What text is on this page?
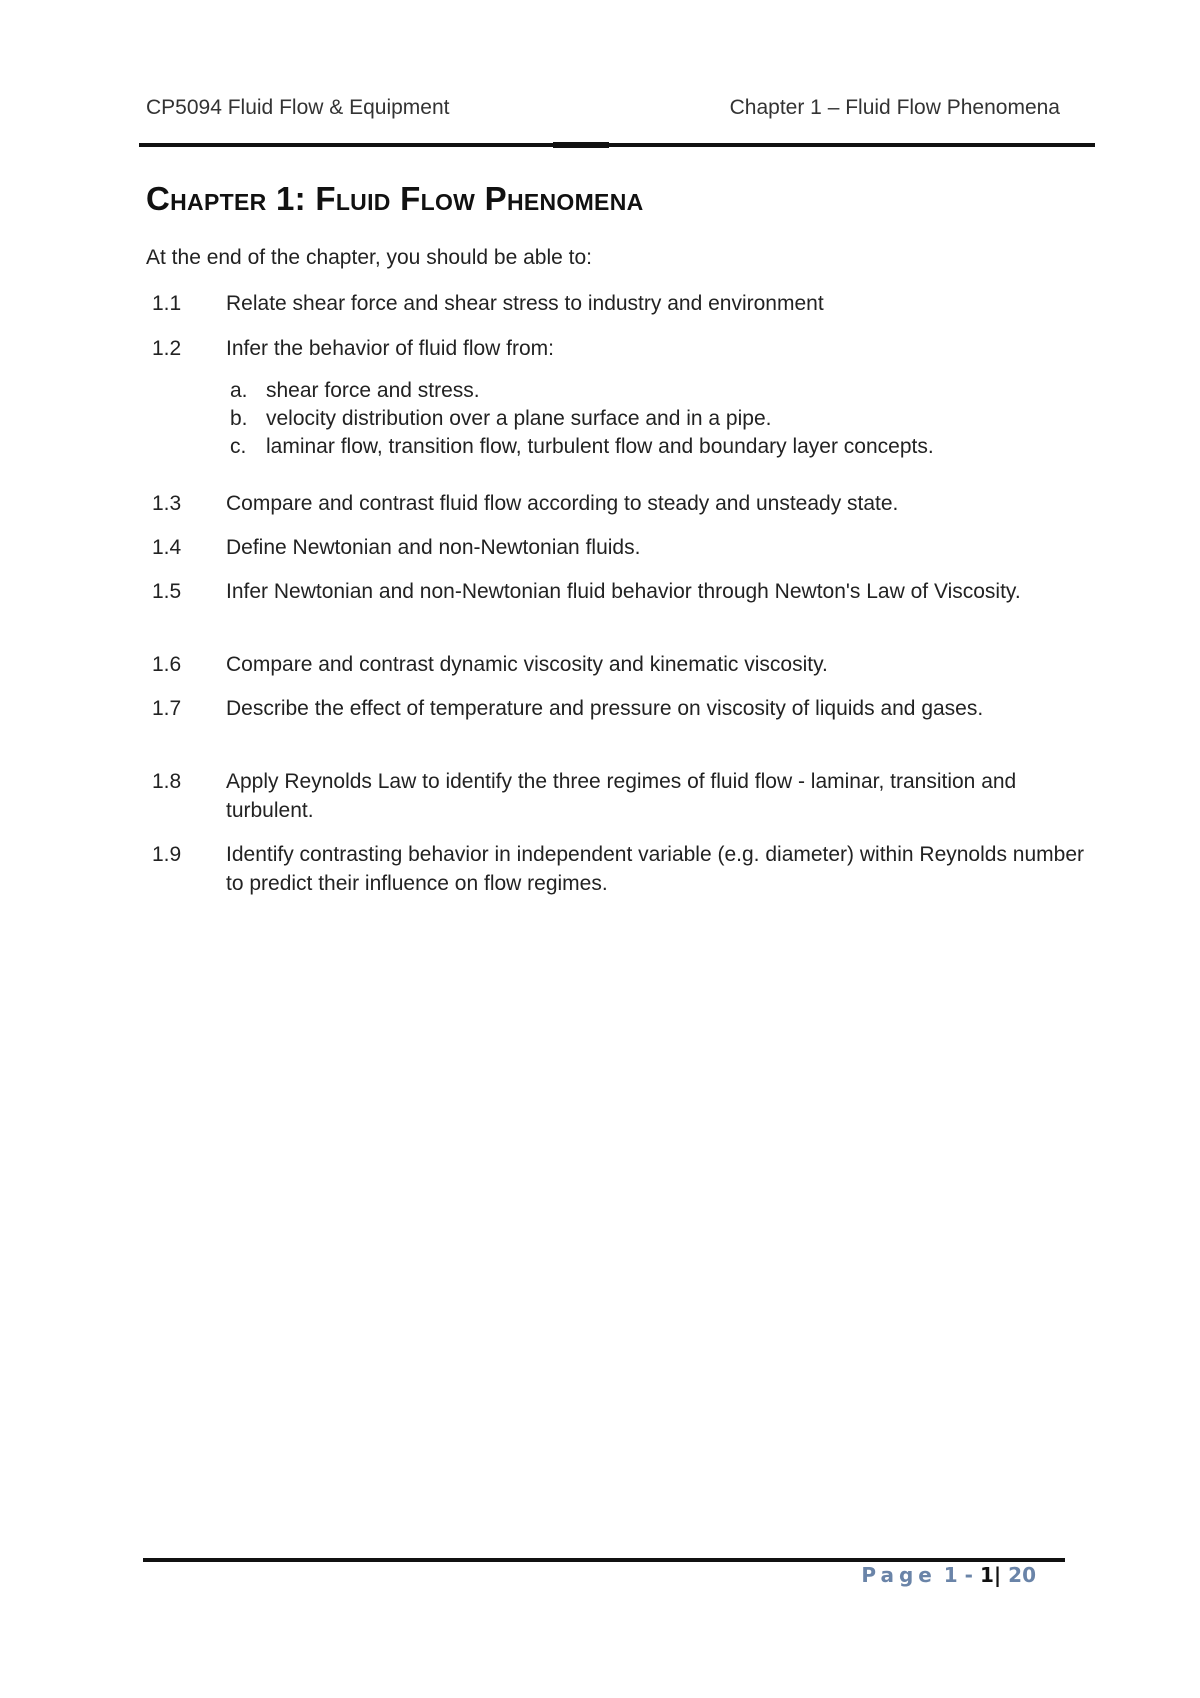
CP5094 Fluid Flow & Equipment	Chapter 1 – Fluid Flow Phenomena
Chapter 1: Fluid Flow Phenomena
At the end of the chapter, you should be able to:
1.1 Relate shear force and shear stress to industry and environment
1.2 Infer the behavior of fluid flow from:
a. shear force and stress.
b. velocity distribution over a plane surface and in a pipe.
c. laminar flow, transition flow, turbulent flow and boundary layer concepts.
1.3 Compare and contrast fluid flow according to steady and unsteady state.
1.4 Define Newtonian and non-Newtonian fluids.
1.5 Infer Newtonian and non-Newtonian fluid behavior through Newton's Law of Viscosity.
1.6 Compare and contrast dynamic viscosity and kinematic viscosity.
1.7 Describe the effect of temperature and pressure on viscosity of liquids and gases.
1.8 Apply Reynolds Law to identify the three regimes of fluid flow - laminar, transition and turbulent.
1.9 Identify contrasting behavior in independent variable (e.g. diameter) within Reynolds number to predict their influence on flow regimes.
Page 1 - 1| 20
